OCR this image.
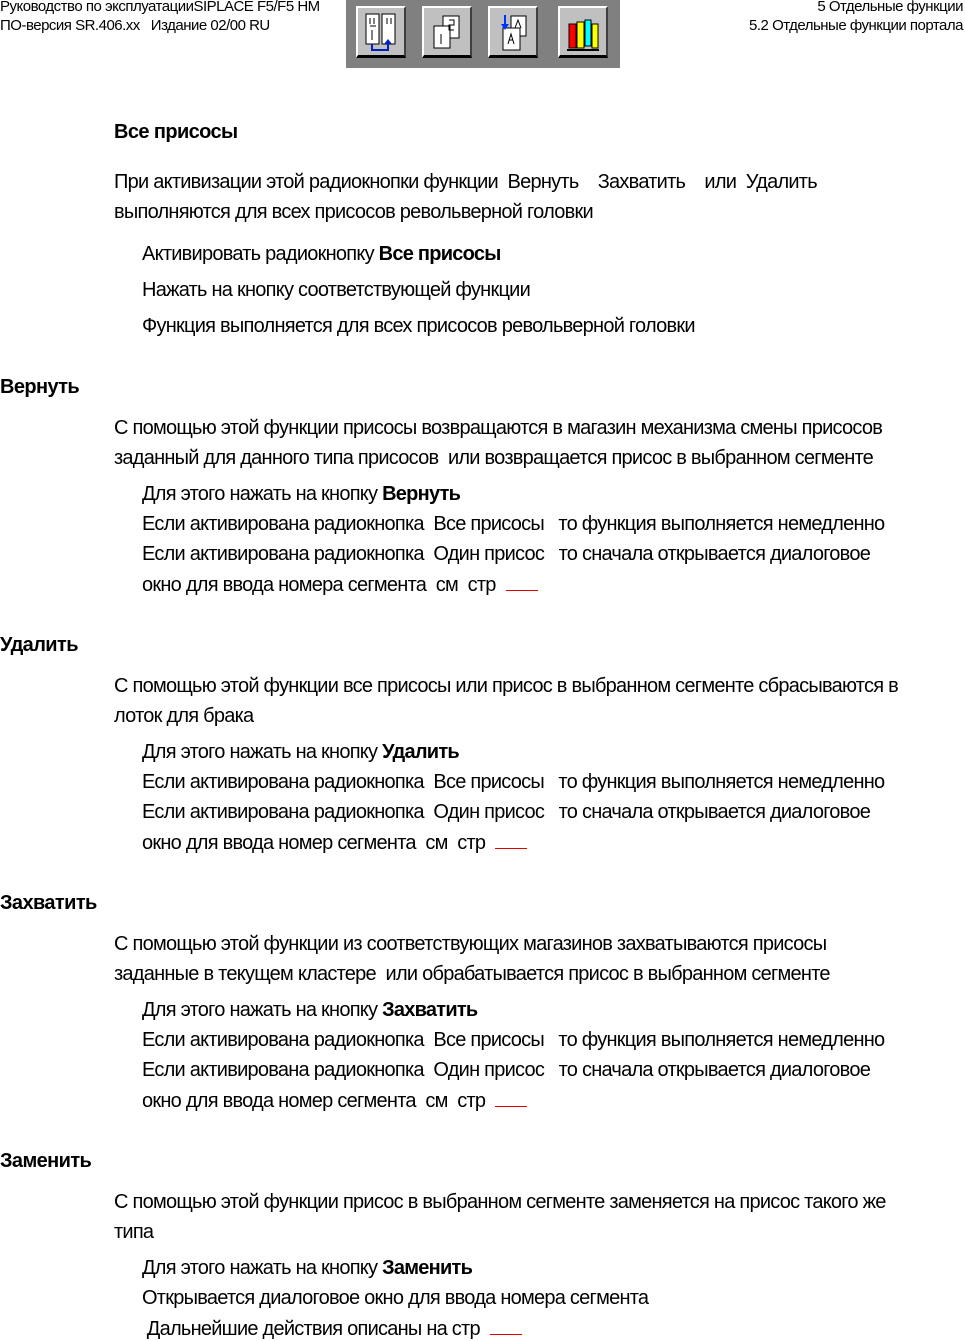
Руководство по эксплуатацииSIPLACE F5/F5 HM
ПО-версия SR.406.xx   Издание 02/00 RU
5 Отдельные функции
5.2 Отдельные функции портала
Все присосы
При активизации этой радиокнопки функции  Вернуть    Захватить    или  Удалить
выполняются для всех присосов револьверной головки
Активировать радиокнопку Все присосы
Нажать на кнопку соответствующей функции
Функция выполняется для всех присосов револьверной головки
Вернуть
С помощью этой функции присосы возвращаются в магазин механизма смены присосов
заданный для данного типа присосов  или возвращается присос в выбранном сегменте
Для этого нажать на кнопку Вернуть
Если активирована радиокнопка  Все присосы   то функция выполняется немедленно
Если активирована радиокнопка  Один присос   то сначала открывается диалоговое
окно для ввода номера сегмента  см  стр
Удалить
С помощью этой функции все присосы или присос в выбранном сегменте сбрасываются в
лоток для брака
Для этого нажать на кнопку Удалить
Если активирована радиокнопка  Все присосы   то функция выполняется немедленно
Если активирована радиокнопка  Один присос   то сначала открывается диалоговое
окно для ввода номер сегмента  см  стр
Захватить
С помощью этой функции из соответствующих магазинов захватываются присосы
заданные в текущем кластере  или обрабатывается присос в выбранном сегменте
Для этого нажать на кнопку Захватить
Если активирована радиокнопка  Все присосы   то функция выполняется немедленно
Если активирована радиокнопка  Один присос   то сначала открывается диалоговое
окно для ввода номер сегмента  см  стр
Заменить
С помощью этой функции присос в выбранном сегменте заменяется на присос такого же
типа
Для этого нажать на кнопку Заменить
Открывается диалоговое окно для ввода номера сегмента
Дальнейшие действия описаны на стр
